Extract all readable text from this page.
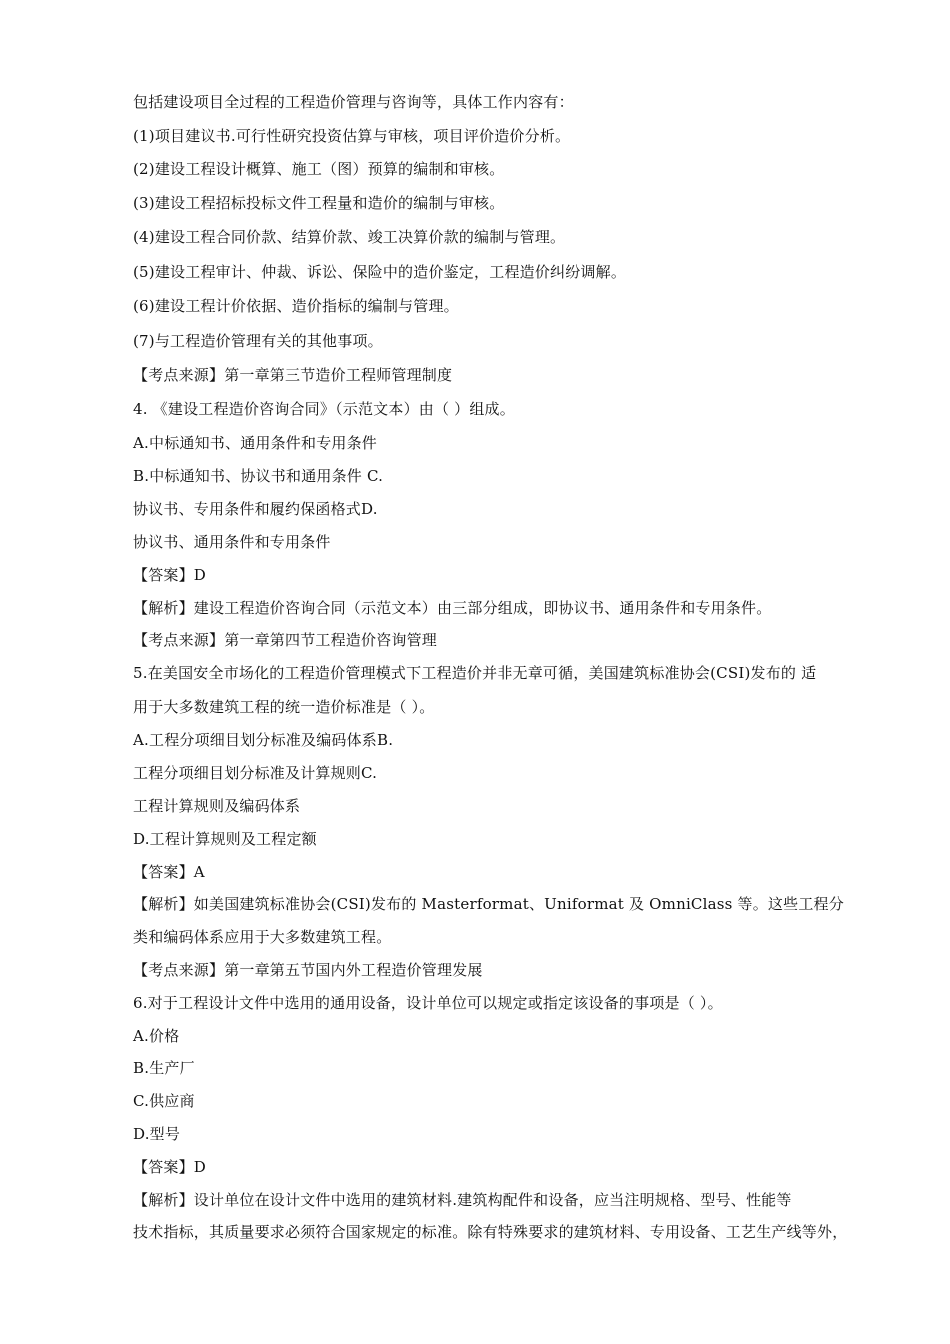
包括建设项目全过程的工程造价管理与咨询等，具体工作内容有：
(1)项目建议书.可行性研究投资估算与审核，项目评价造价分析。
(2)建设工程设计概算、施工（图）预算的编制和审核。
(3)建设工程招标投标文件工程量和造价的编制与审核。
(4)建设工程合同价款、结算价款、竣工决算价款的编制与管理。
(5)建设工程审计、仲裁、诉讼、保险中的造价鉴定，工程造价纠纷调解。
(6)建设工程计价依据、造价指标的编制与管理。
(7)与工程造价管理有关的其他事项。
【考点来源】第一章第三节造价工程师管理制度
4. 《建设工程造价咨询合同》（示范文本）由（ ）组成。
A.中标通知书、通用条件和专用条件
B.中标通知书、协议书和通用条件 C.
协议书、专用条件和履约保函格式D.
协议书、通用条件和专用条件
【答案】D
【解析】建设工程造价咨询合同（示范文本）由三部分组成，即协议书、通用条件和专用条件。
【考点来源】第一章第四节工程造价咨询管理
5.在美国安全市场化的工程造价管理模式下工程造价并非无章可循，美国建筑标准协会(CSI)发布的 适
用于大多数建筑工程的统一造价标准是（ ）。
A.工程分项细目划分标准及编码体系B.
工程分项细目划分标准及计算规则C.
工程计算规则及编码体系
D.工程计算规则及工程定额
【答案】A
【解析】如美国建筑标准协会(CSI)发布的 Masterformat、Uniformat 及 OmniClass 等。这些工程分
类和编码体系应用于大多数建筑工程。
【考点来源】第一章第五节国内外工程造价管理发展
6.对于工程设计文件中选用的通用设备，设计单位可以规定或指定该设备的事项是（ ）。
A.价格
B.生产厂
C.供应商
D.型号
【答案】D
【解析】设计单位在设计文件中选用的建筑材料.建筑构配件和设备，应当注明规格、型号、性能等
技术指标，其质量要求必须符合国家规定的标准。除有特殊要求的建筑材料、专用设备、工艺生产线等外，
